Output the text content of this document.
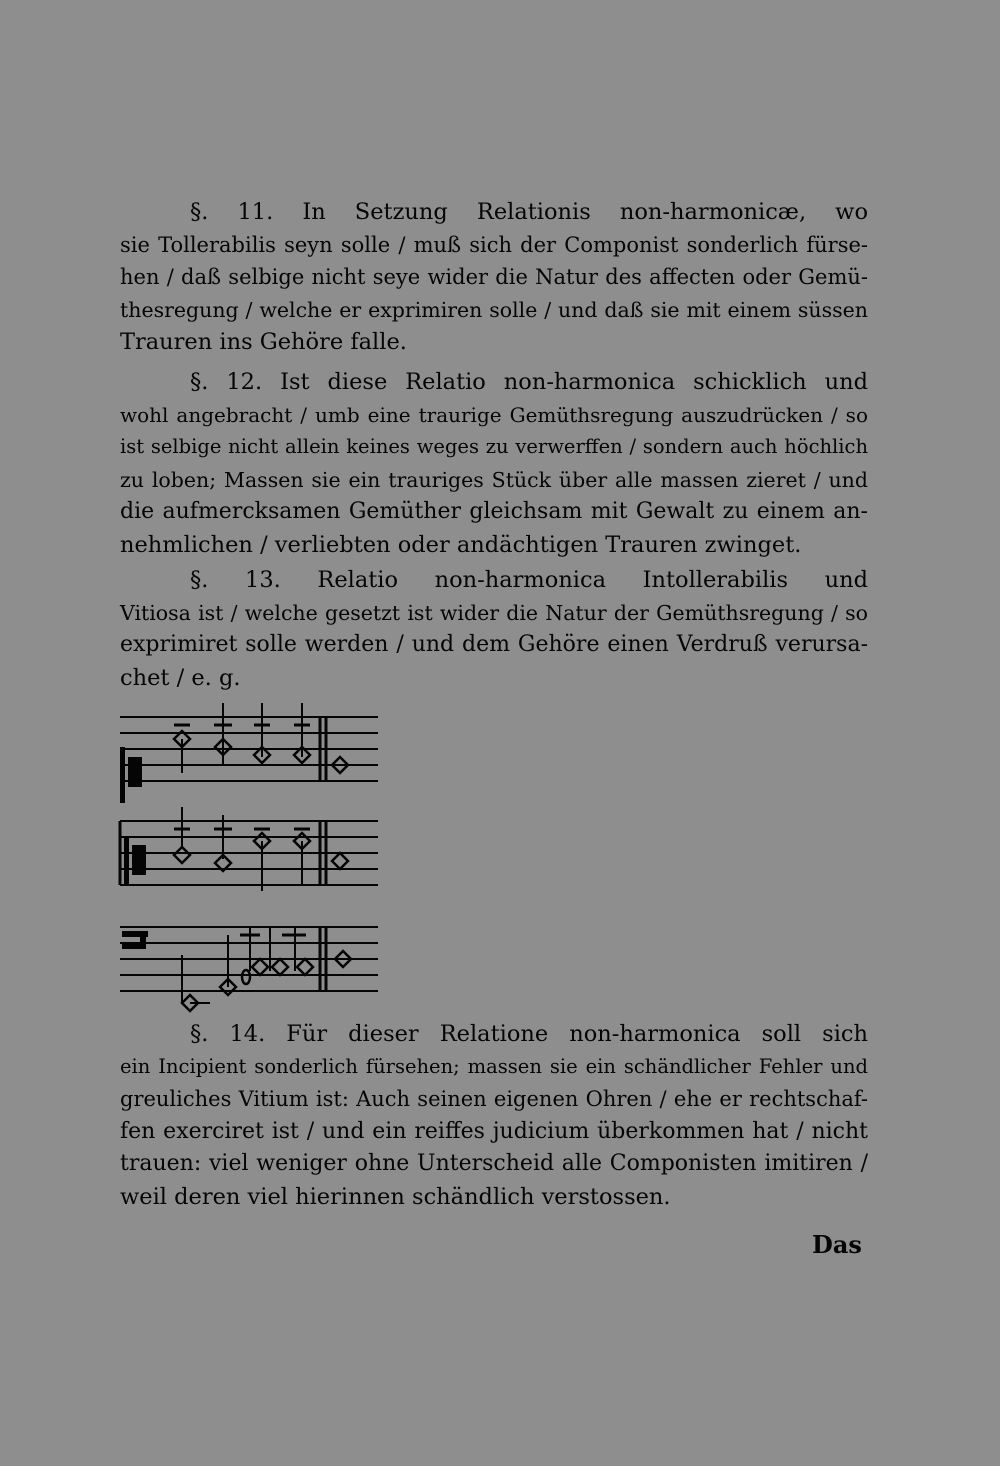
§. 11. In Setzung Relationis non-harmonicæ, wo
sie Tollerabilis seyn solle / muß sich der Componist sonderlich fürse-
hen / daß selbige nicht seye wider die Natur des affecten oder Gemü-
thesregung / welche er exprimiren solle / und daß sie mit einem süssen
Trauren ins Gehöre falle.
§. 12. Ist diese Relatio non-harmonica schicklich und
wohl angebracht / umb eine traurige Gemüthsregung auszudrücken / so
ist selbige nicht allein keines weges zu verwerffen / sondern auch höchlich
zu loben; Massen sie ein trauriges Stück über alle massen zieret / und
die aufmercksamen Gemüther gleichsam mit Gewalt zu einem an-
nehmlichen / verliebten oder andächtigen Trauren zwinget.
§. 13. Relatio non-harmonica Intollerabilis und
Vitiosa ist / welche gesetzt ist wider die Natur der Gemüthsregung / so
exprimiret solle werden / und dem Gehöre einen Verdruß verursa-
chet / e. g.
§. 14. Für dieser Relatione non-harmonica soll sich
ein Incipient sonderlich fürsehen; massen sie ein schändlicher Fehler und
greuliches Vitium ist: Auch seinen eigenen Ohren / ehe er rechtschaf-
fen exerciret ist / und ein reiffes judicium überkommen hat / nicht
trauen: viel weniger ohne Unterscheid alle Componisten imitiren /
weil deren viel hierinnen schändlich verstossen.
Das
